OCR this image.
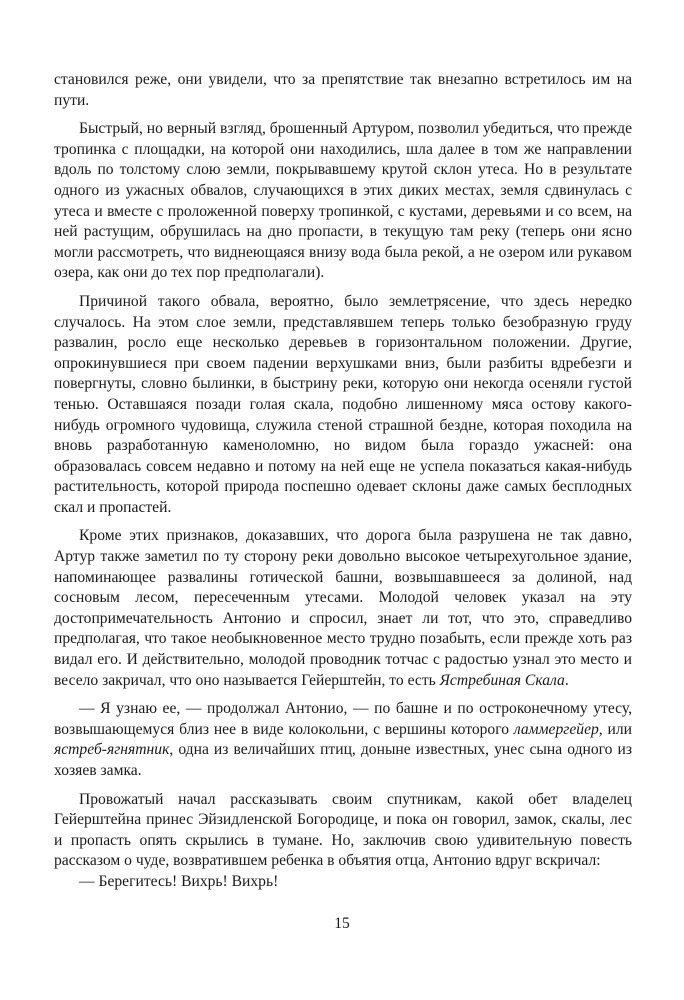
становился реже, они увидели, что за препятствие так внезапно встретилось им на пути.

Быстрый, но верный взгляд, брошенный Артуром, позволил убедиться, что прежде тропинка с площадки, на которой они находились, шла далее в том же направлении вдоль по толстому слою земли, покрывавшему крутой склон утеса. Но в результате одного из ужасных обвалов, случающихся в этих диких местах, земля сдвинулась с утеса и вместе с проложенной поверху тропинкой, с кустами, деревьями и со всем, на ней растущим, обрушилась на дно пропасти, в текущую там реку (теперь они ясно могли рассмотреть, что виднеющаяся внизу вода была рекой, а не озером или рукавом озера, как они до тех пор предполагали).

Причиной такого обвала, вероятно, было землетрясение, что здесь нередко случалось. На этом слое земли, представлявшем теперь только безобразную груду развалин, росло еще несколько деревьев в горизонтальном положении. Другие, опрокинувшиеся при своем падении верхушками вниз, были разбиты вдребезги и повергнуты, словно былинки, в быстрину реки, которую они некогда осеняли густой тенью. Оставшаяся позади голая скала, подобно лишенному мяса остову какого-нибудь огромного чудовища, служила стеной страшной бездне, которая походила на вновь разработанную каменоломню, но видом была гораздо ужасней: она образовалась совсем недавно и потому на ней еще не успела показаться какая-нибудь растительность, которой природа поспешно одевает склоны даже самых бесплодных скал и пропастей.

Кроме этих признаков, доказавших, что дорога была разрушена не так давно, Артур также заметил по ту сторону реки довольно высокое четырехугольное здание, напоминающее развалины готической башни, возвышавшееся за долиной, над сосновым лесом, пересеченным утесами. Молодой человек указал на эту достопримечательность Антонио и спросил, знает ли тот, что это, справедливо предполагая, что такое необыкновенное место трудно позабыть, если прежде хоть раз видал его. И действительно, молодой проводник тотчас с радостью узнал это место и весело закричал, что оно называется Гейерштейн, то есть Ястребиная Скала.

— Я узнаю ее, — продолжал Антонио, — по башне и по остроконечному утесу, возвышающемуся близ нее в виде колокольни, с вершины которого ламмергейер, или ястреб-ягнятник, одна из величайших птиц, доныне известных, унес сына одного из хозяев замка.

Провожатый начал рассказывать своим спутникам, какой обет владелец Гейерштейна принес Эйзидленской Богородице, и пока он говорил, замок, скалы, лес и пропасть опять скрылись в тумане. Но, заключив свою удивительную повесть рассказом о чуде, возвратившем ребенка в объятия отца, Антонио вдруг вскричал:

— Берегитесь! Вихрь! Вихрь!

15
